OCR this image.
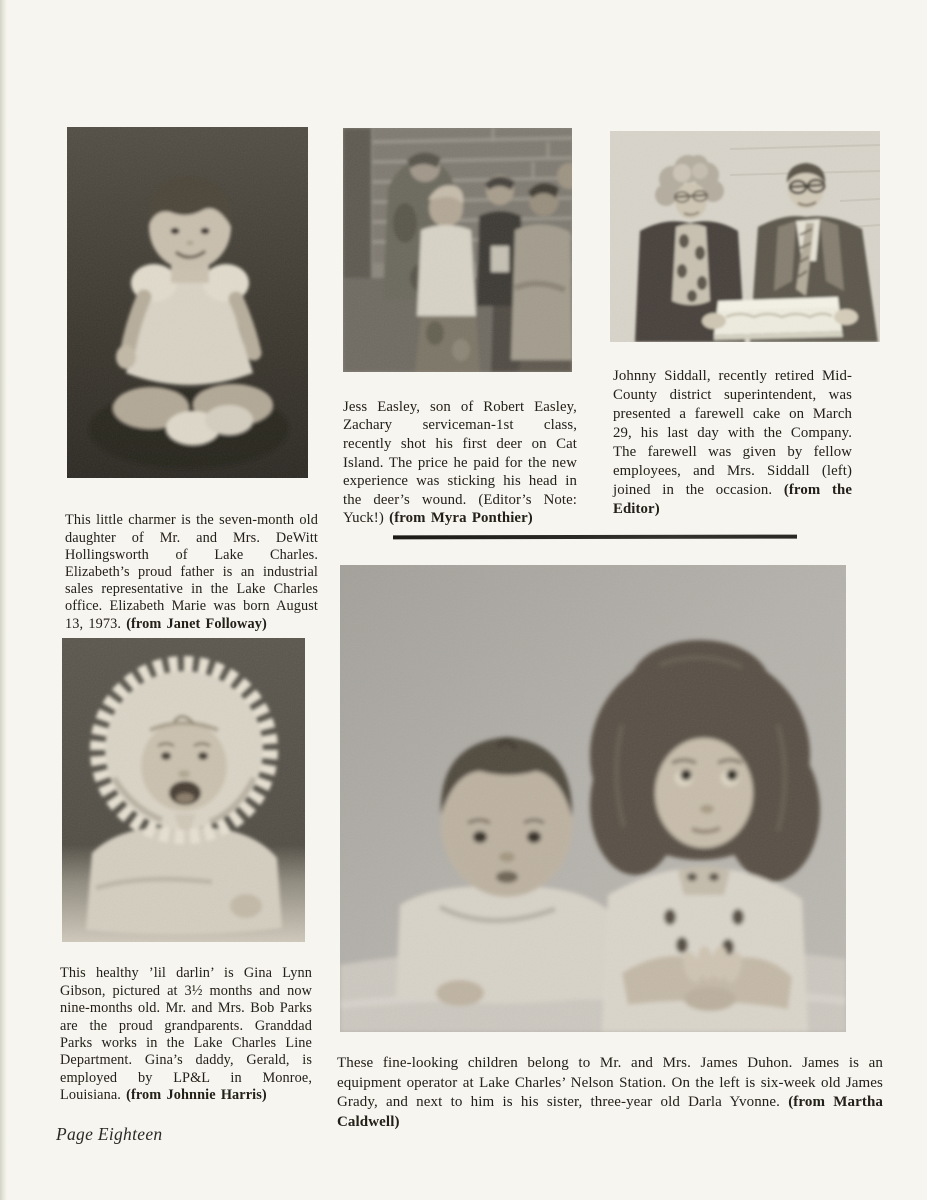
This little charmer is the seven-month old daughter of Mr. and Mrs. DeWitt Hollingsworth of Lake Charles. Elizabeth’s proud father is an industrial sales representative in the Lake Charles office. Elizabeth Marie was born August 13, 1973. (from Janet Followay)

Jess Easley, son of Robert Easley, Zachary serviceman-1st class, recently shot his first deer on Cat Island. The price he paid for the new experience was sticking his head in the deer’s wound. (Editor’s Note: Yuck!) (from Myra Ponthier)

Johnny Siddall, recently retired Mid-County district superintendent, was presented a farewell cake on March 29, his last day with the Company. The farewell was given by fellow employees, and Mrs. Siddall (left) joined in the occasion. (from the Editor)

This healthy ’lil darlin’ is Gina Lynn Gibson, pictured at 3½ months and now nine-months old. Mr. and Mrs. Bob Parks are the proud grandparents. Granddad Parks works in the Lake Charles Line Department. Gina’s daddy, Gerald, is employed by LP&L in Monroe, Louisiana. (from Johnnie Harris)

These fine-looking children belong to Mr. and Mrs. James Duhon. James is an equipment operator at Lake Charles’ Nelson Station. On the left is six-week old James Grady, and next to him is his sister, three-year old Darla Yvonne. (from Martha Caldwell)

Page Eighteen
